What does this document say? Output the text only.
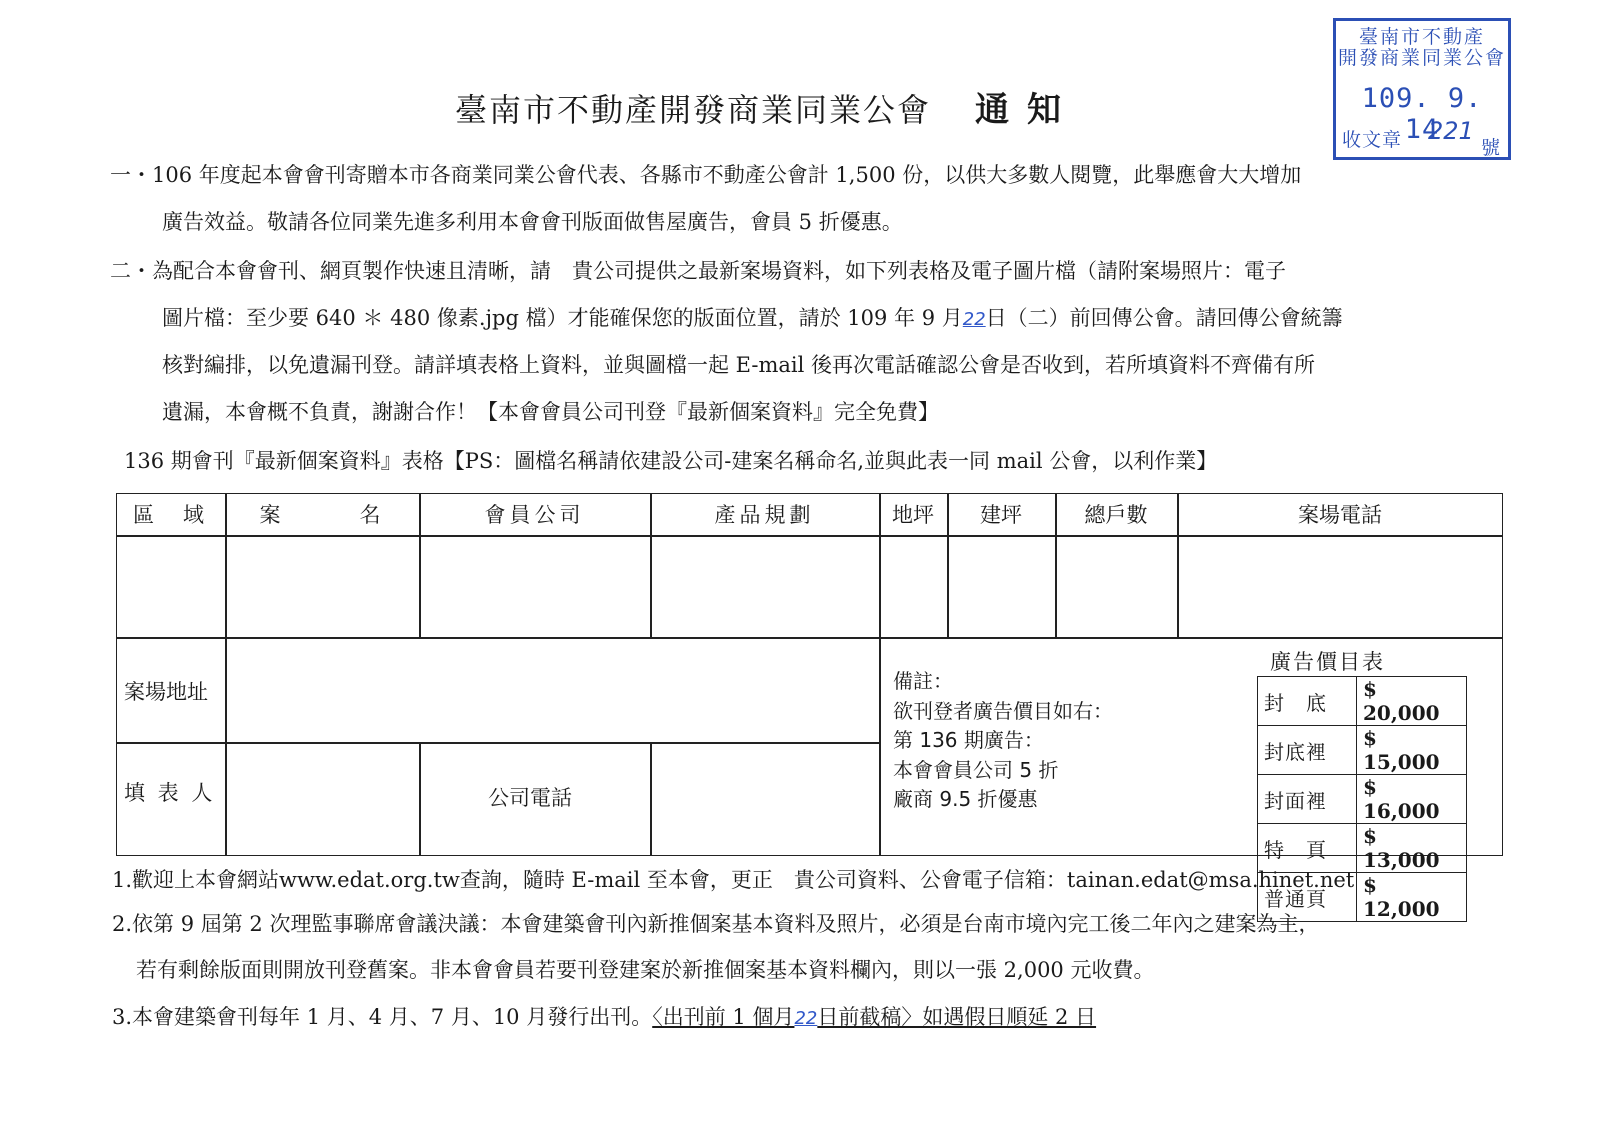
臺南市不動產
開發商業同業公會
109. 9. 14
收文章 221
號
臺南市不動產開發商業同業公會 通知
一・106 年度起本會會刊寄贈本市各商業同業公會代表、各縣市不動產公會計 1,500 份，以供大多數人閱覽，此舉應會大大增加
廣告效益。敬請各位同業先進多利用本會會刊版面做售屋廣告，會員 5 折優惠。
二・為配合本會會刊、網頁製作快速且清晰，請　貴公司提供之最新案場資料，如下列表格及電子圖片檔（請附案場照片：電子
圖片檔：至少要 640 ＊ 480 像素.jpg 檔）才能確保您的版面位置，請於 109 年 9 月22日（二）前回傳公會。請回傳公會統籌
核對編排，以免遺漏刊登。請詳填表格上資料，並與圖檔一起 E-mail 後再次電話確認公會是否收到，若所填資料不齊備有所
遺漏，本會概不負責，謝謝合作！【本會會員公司刊登『最新個案資料』完全免費】
136 期會刊『最新個案資料』表格【PS：圖檔名稱請依建設公司-建案名稱命名,並與此表一同 mail 公會，以利作業】
區　域	案　　　名	會員公司	產品規劃	地坪	建坪	總戶數	案場電話
案場地址
填 表 人	公司電話
備註：
欲刊登者廣告價目如右：
第 136 期廣告：
本會會員公司 5 折
廠商 9.5 折優惠
廣告價目表
封　底	$ 20,000
封底裡	$ 15,000
封面裡	$ 16,000
特　頁	$ 13,000
普通頁	$ 12,000
1.歡迎上本會網站www.edat.org.tw查詢，隨時 E-mail 至本會，更正　貴公司資料、公會電子信箱：tainan.edat@msa.hinet.net
2.依第 9 屆第 2 次理監事聯席會議決議：本會建築會刊內新推個案基本資料及照片，必須是台南市境內完工後二年內之建案為主，
若有剩餘版面則開放刊登舊案。非本會會員若要刊登建案於新推個案基本資料欄內，則以一張 2,000 元收費。
3.本會建築會刊每年 1 月、4 月、7 月、10 月發行出刊。〈出刊前 1 個月22日前截稿〉如遇假日順延 2 日
